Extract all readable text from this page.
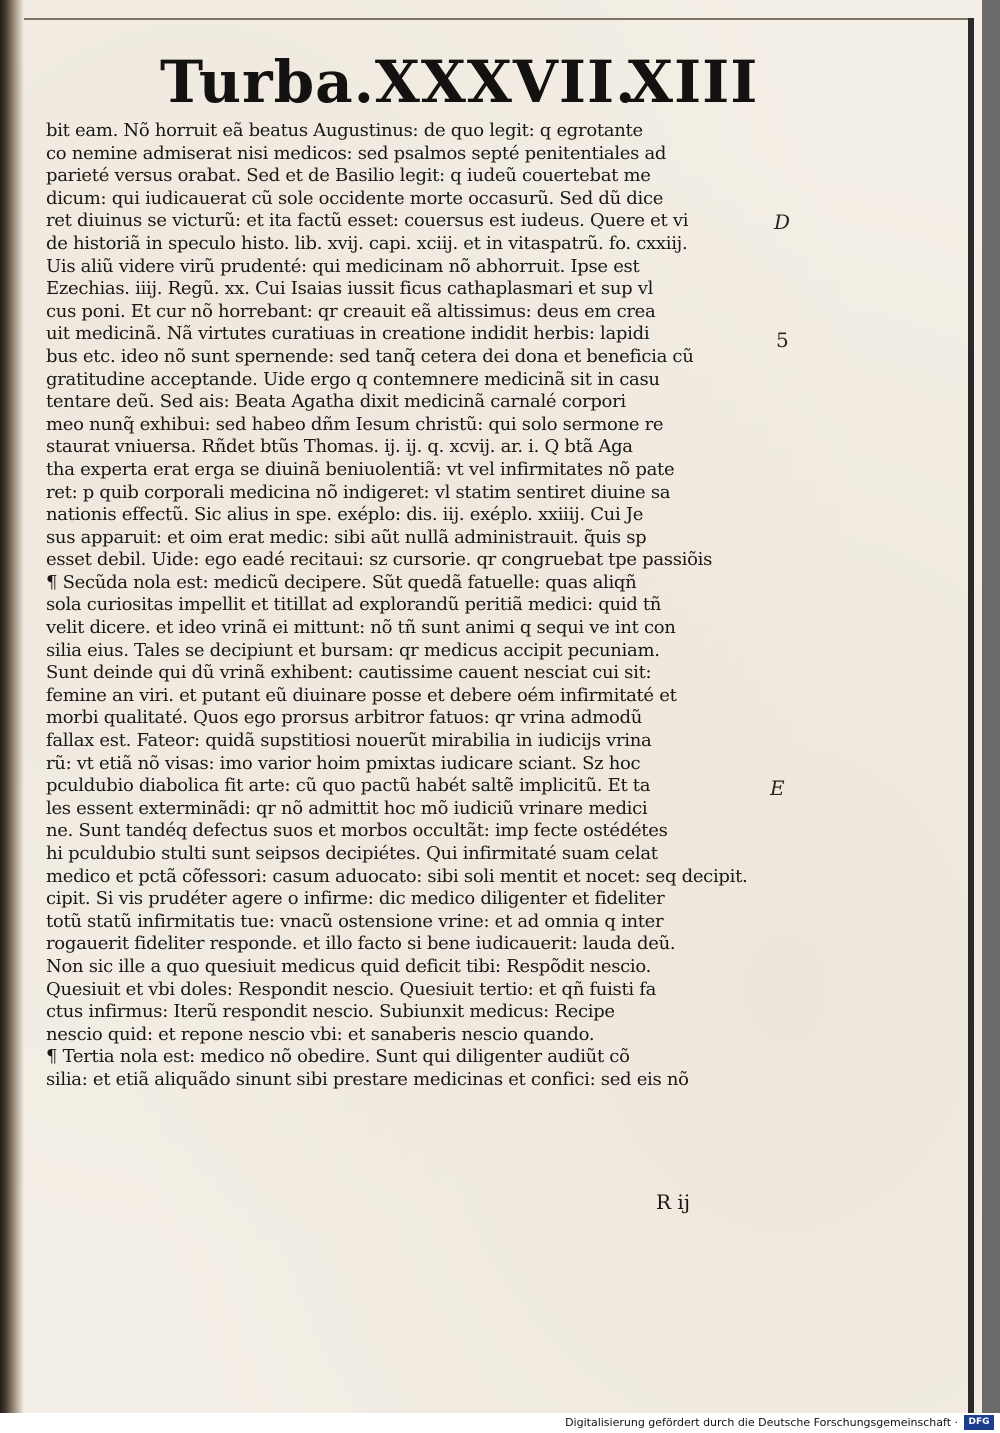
Turba.XXXVII.
XIII
bit eam. Nõ horruit eã beatus Augustinus: de quo legit: q egrotante
co nemine admiserat nisi medicos: sed psalmos septé penitentiales ad
parieté versus orabat. Sed et de Basilio legit: q iudeũ couertebat me
dicum: qui iudicauerat cũ sole occidente morte occasurũ. Sed dũ dice
ret diuinus se victurũ: et ita factũ esset: couersus est iudeus. Quere et vi
de historiã in speculo histo. lib. xvij. capi. xciij. et in vitaspatrũ. fo. cxxiij.
Uis aliũ videre virũ prudenté: qui medicinam nõ abhorruit. Ipse est
Ezechias. iiij. Regũ. xx. Cui Isaias iussit ficus cathaplasmari et sup vl
cus poni. Et cur nõ horrebant: qr creauit eã altissimus: deus em crea
uit medicinã. Nã virtutes curatiuas in creatione indidit herbis: lapidi
bus etc. ideo nõ sunt spernende: sed tanq̃ cetera dei dona et beneficia cũ
gratitudine acceptande. Uide ergo q contemnere medicinã sit in casu
tentare deũ. Sed ais: Beata Agatha dixit medicinã carnalé corpori
meo nunq̃ exhibui: sed habeo dñm Iesum christũ: qui solo sermone re
staurat vniuersa. Rñdet btũs Thomas. ij. ij. q. xcvij. ar. i. Q btã Aga
tha experta erat erga se diuinã beniuolentiã: vt vel infirmitates nõ pate
ret: p quib corporali medicina nõ indigeret: vl statim sentiret diuine sa
nationis effectũ. Sic alius in spe. exéplo: dis. iij. exéplo. xxiiij. Cui Je
sus apparuit: et oim erat medic: sibi aũt nullã administrauit. q̃uis sp
esset debil. Uide: ego eadé recitaui: sz cursorie. qr congruebat tpe passiõis
¶ Secũda nola est: medicũ decipere. Sũt quedã fatuelle: quas aliqñ
sola curiositas impellit et titillat ad explorandũ peritiã medici: quid tñ
velit dicere. et ideo vrinã ei mittunt: nõ tñ sunt animi q sequi ve int con
silia eius. Tales se decipiunt et bursam: qr medicus accipit pecuniam.
Sunt deinde qui dũ vrinã exhibent: cautissime cauent nesciat cui sit:
femine an viri. et putant eũ diuinare posse et debere oém infirmitaté et
morbi qualitaté. Quos ego prorsus arbitror fatuos: qr vrina admodũ
fallax est. Fateor: quidã supstitiosi nouerũt mirabilia in iudicijs vrina
rũ: vt etiã nõ visas: imo varior hoim pmixtas iudicare sciant. Sz hoc
pculdubio diabolica fit arte: cũ quo pactũ habét saltẽ implicitũ. Et ta
les essent exterminãdi: qr nõ admittit hoc mõ iudiciũ vrinare medici
ne. Sunt tandéq defectus suos et morbos occultãt: imp fecte ostédétes
hi pculdubio stulti sunt seipsos decipiétes. Qui infirmitaté suam celat
medico et pctã cõfessori: casum aduocato: sibi soli mentit et nocet: seq decipit.
cipit. Si vis prudéter agere o infirme: dic medico diligenter et fideliter
totũ statũ infirmitatis tue: vnacũ ostensione vrine: et ad omnia q inter
rogauerit fideliter responde. et illo facto si bene iudicauerit: lauda deũ.
Non sic ille a quo quesiuit medicus quid deficit tibi: Respõdit nescio.
Quesiuit et vbi doles: Respondit nescio. Quesiuit tertio: et qñ fuisti fa
ctus infirmus: Iterũ respondit nescio. Subiunxit medicus: Recipe
nescio quid: et repone nescio vbi: et sanaberis nescio quando.
¶ Tertia nola est: medico nõ obedire. Sunt qui diligenter audiũt cõ
silia: et etiã aliquãdo sinunt sibi prestare medicinas et confici: sed eis nõ
D
5
E
R ij
Digitalisierung gefördert durch die Deutsche Forschungsgemeinschaft ·	DFG
